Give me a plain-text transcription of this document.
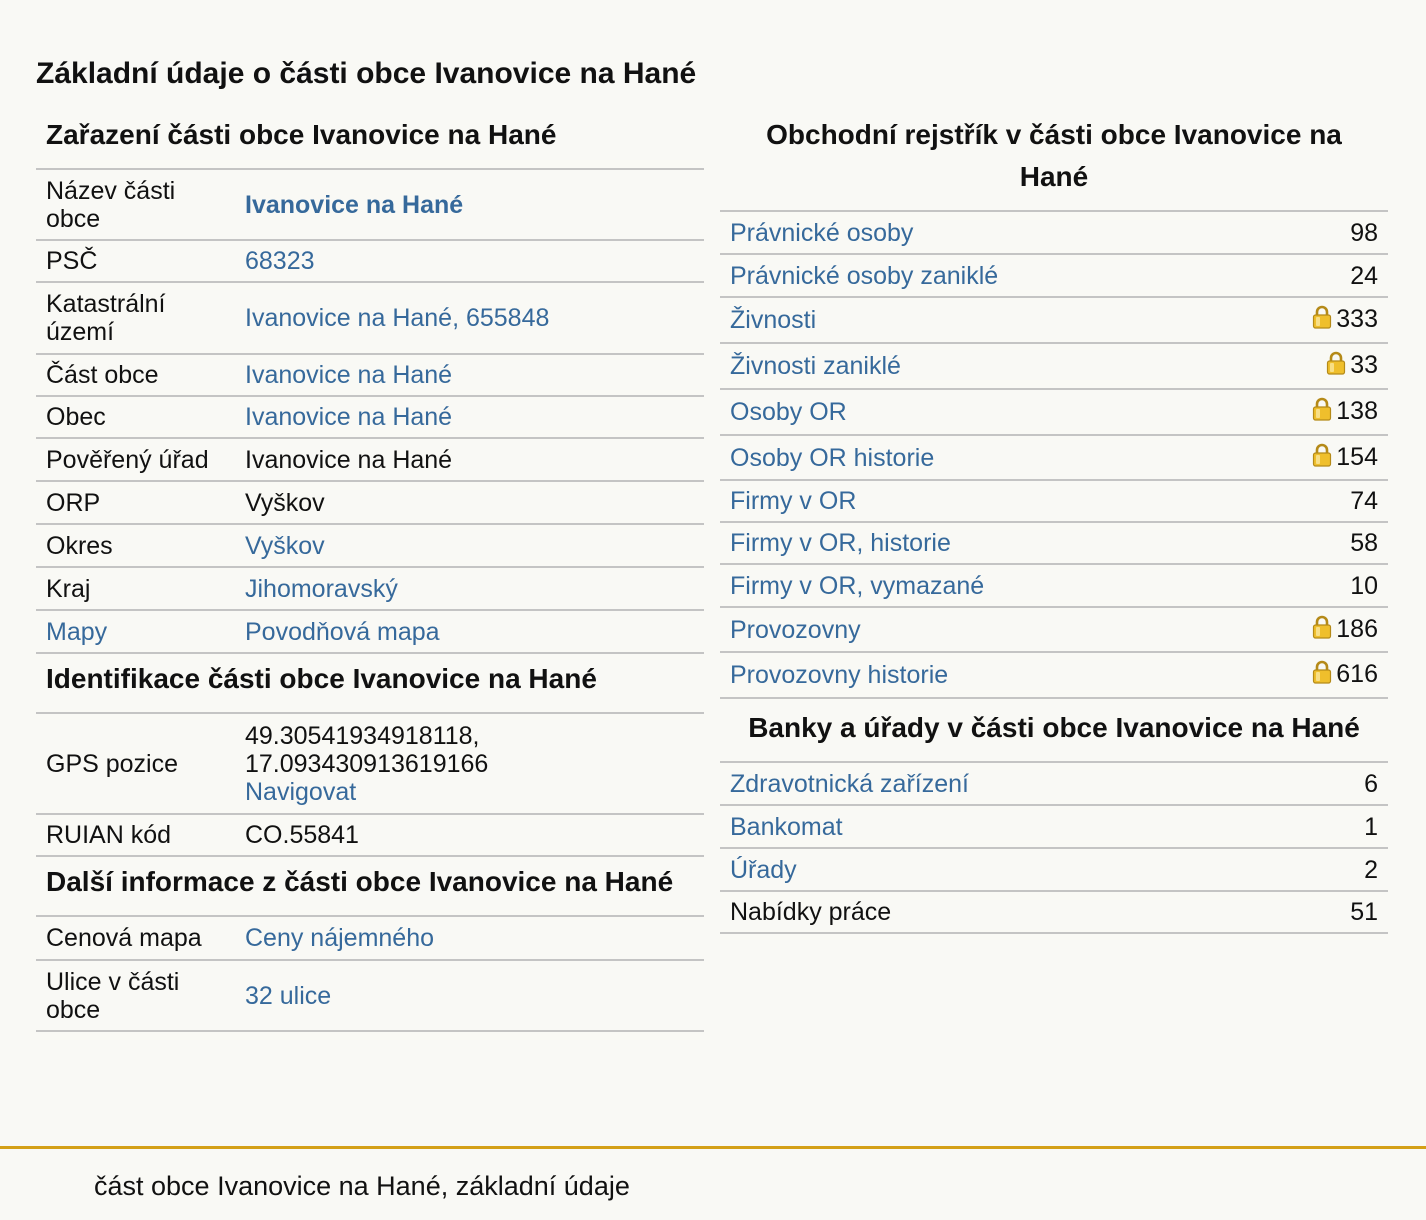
Základní údaje o části obce Ivanovice na Hané
Zařazení části obce Ivanovice na Hané
Název části obce	Ivanovice na Hané
PSČ	68323
Katastrální území	Ivanovice na Hané, 655848
Část obce	Ivanovice na Hané
Obec	Ivanovice na Hané
Pověřený úřad	Ivanovice na Hané
ORP	Vyškov
Okres	Vyškov
Kraj	Jihomoravský
Mapy	Povodňová mapa
Identifikace části obce Ivanovice na Hané
GPS pozice	49.30541934918118,
17.093430913619166
Navigovat

RUIAN kód	CO.55841
Další informace z části obce Ivanovice na Hané
Cenová mapa	Ceny nájemného
Ulice v části obce	32 ulice
Obchodní rejstřík v části obce Ivanovice na Hané
Právnické osoby	98
Právnické osoby zaniklé	24
Živnosti	333
Živnosti zaniklé	33
Osoby OR	138
Osoby OR historie	154
Firmy v OR	74
Firmy v OR, historie	58
Firmy v OR, vymazané	10
Provozovny	186
Provozovny historie	616
Banky a úřady v části obce Ivanovice na Hané
Zdravotnická zařízení	6
Bankomat	1
Úřady	2
Nabídky práce	51
část obce Ivanovice na Hané, základní údaje
